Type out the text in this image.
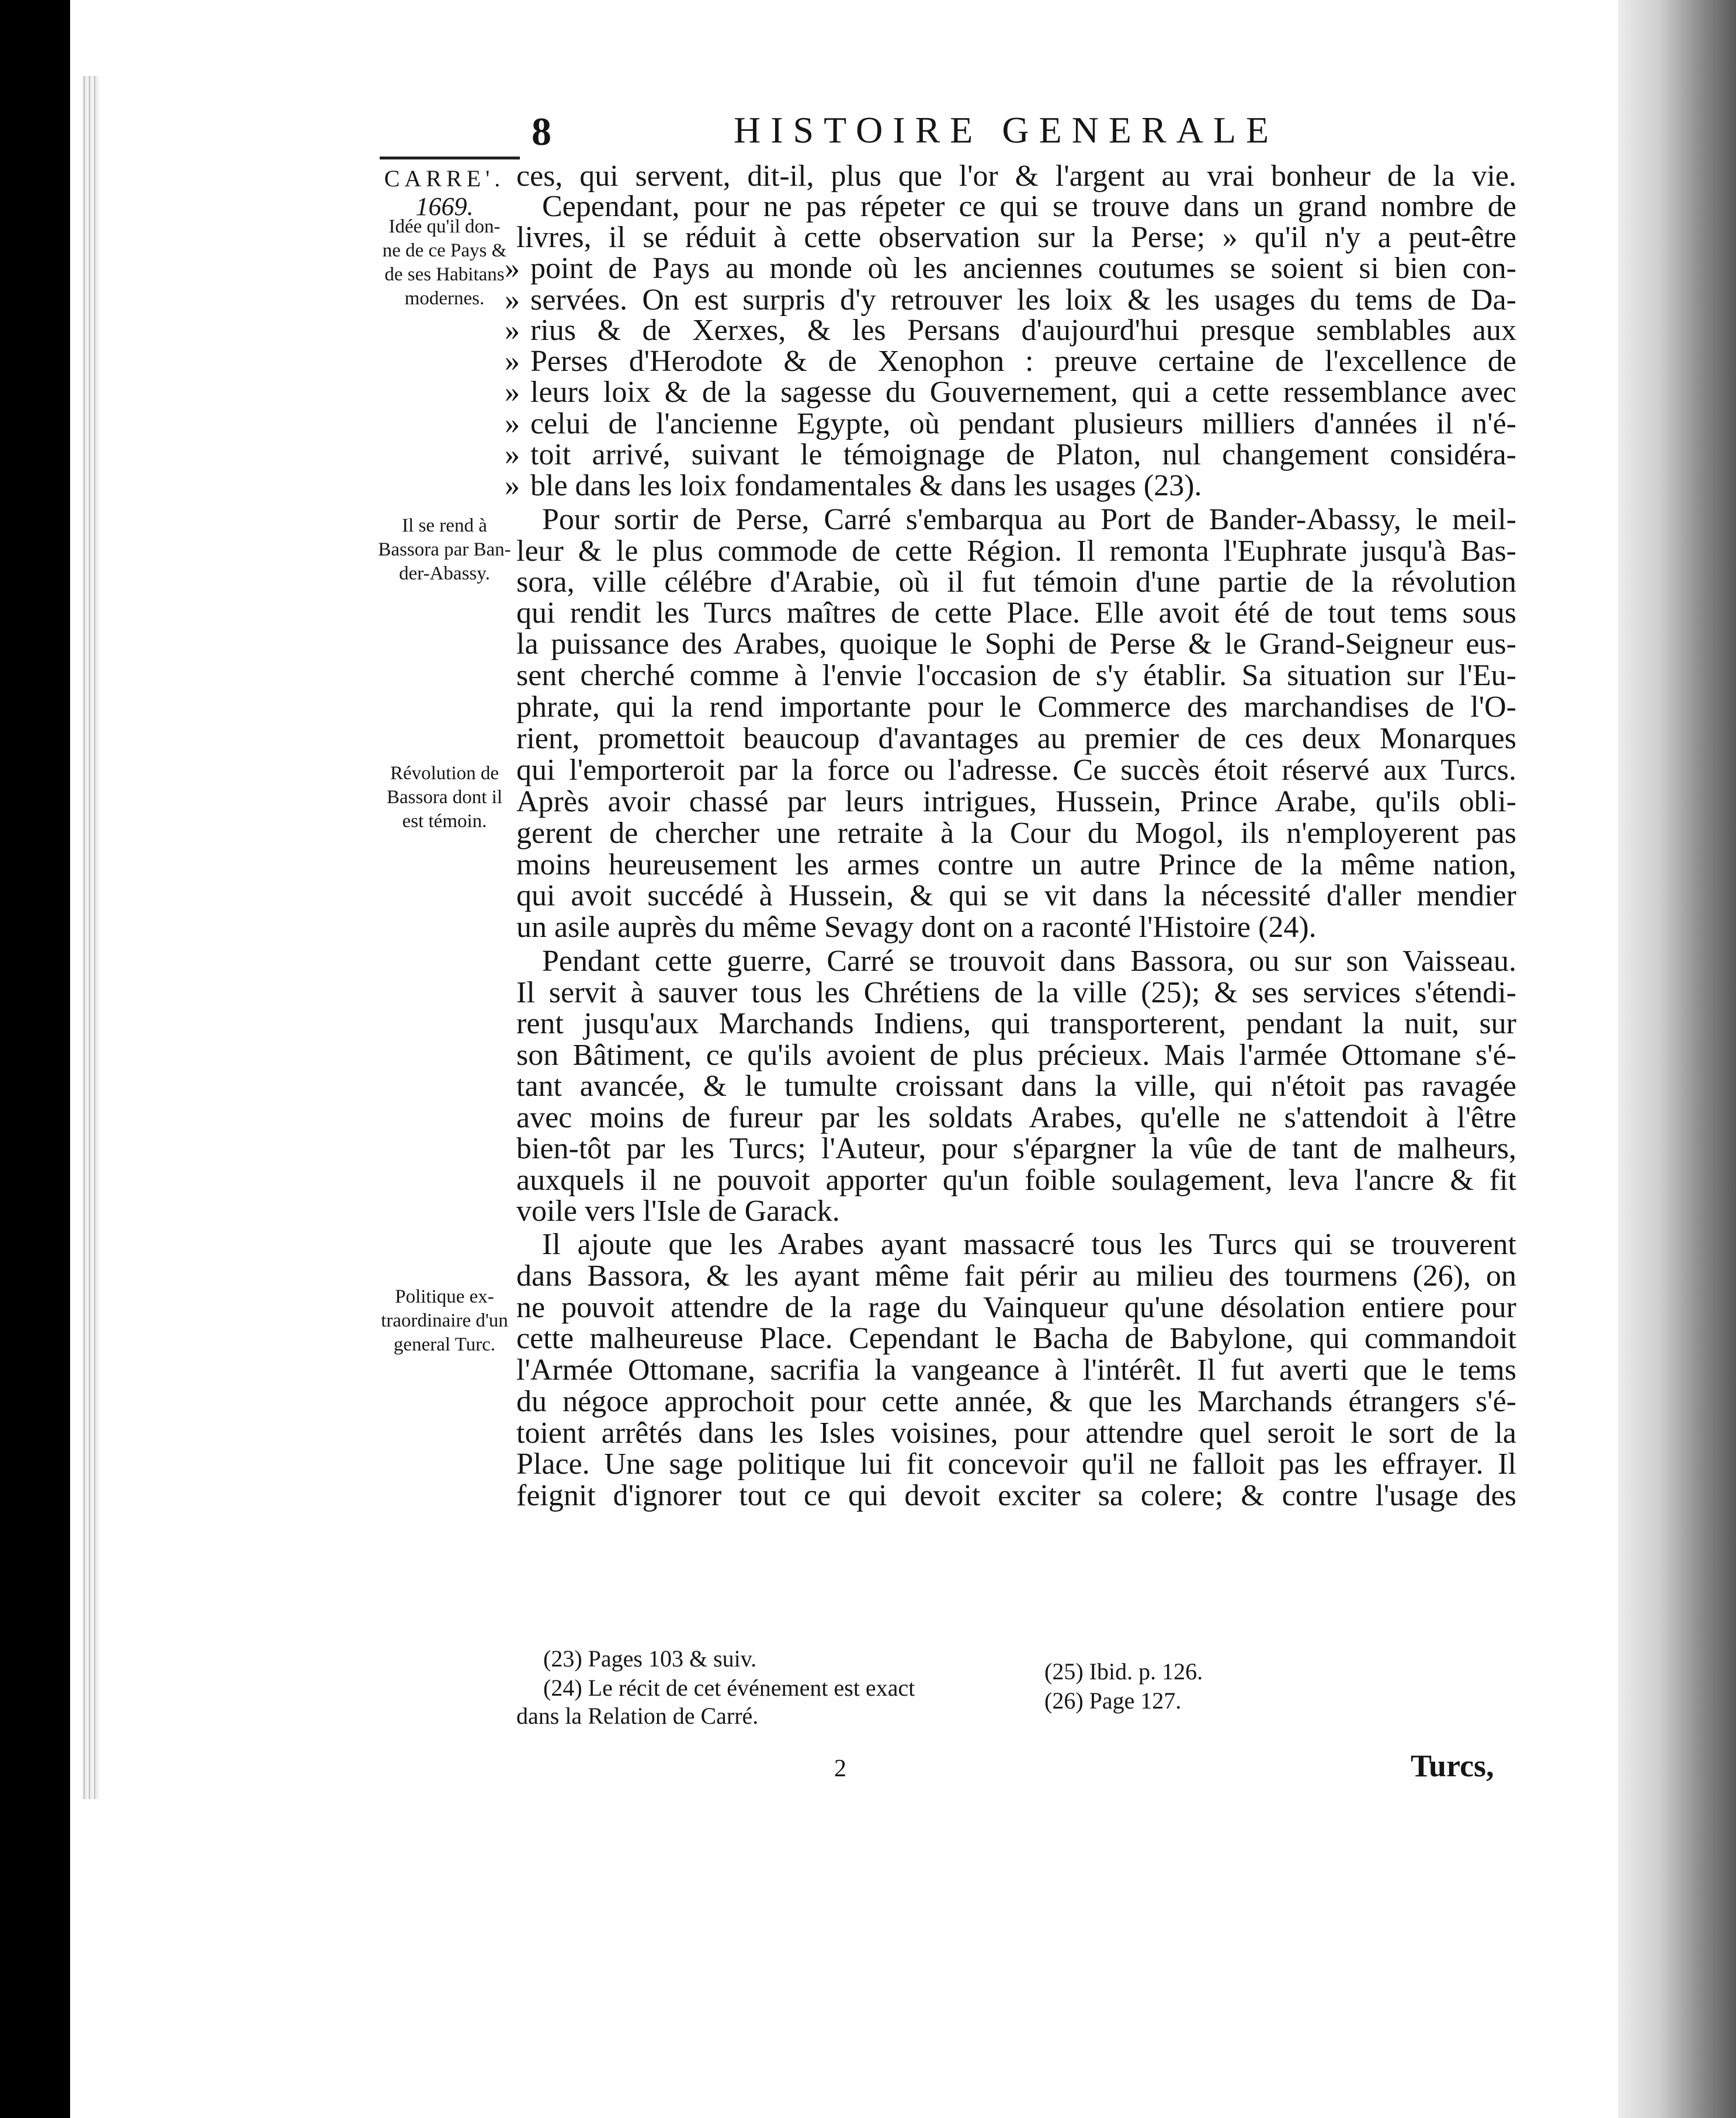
8	HISTOIRE GENERALE
CARRE'.
1669.
Idée qu'il don-
ne de ce Pays &
de ses Habitans
modernes.
Il se rend à
Bassora par Ban-
der-Abassy.
Révolution de
Bassora dont il
est témoin.
Politique ex-
traordinaire d'un
general Turc.
ces, qui servent, dit-il, plus que l'or & l'argent au vrai bonheur de la vie.
Cependant, pour ne pas répeter ce qui se trouve dans un grand nombre de
livres, il se réduit à cette observation sur la Perse; » qu'il n'y a peut-être
» point de Pays au monde où les anciennes coutumes se soient si bien con-
» servées. On est surpris d'y retrouver les loix & les usages du tems de Da-
» rius & de Xerxes, & les Persans d'aujourd'hui presque semblables aux
» Perses d'Herodote & de Xenophon : preuve certaine de l'excellence de
» leurs loix & de la sagesse du Gouvernement, qui a cette ressemblance avec
» celui de l'ancienne Egypte, où pendant plusieurs milliers d'années il n'é-
» toit arrivé, suivant le témoignage de Platon, nul changement considéra-
» ble dans les loix fondamentales & dans les usages (23).
Pour sortir de Perse, Carré s'embarqua au Port de Bander-Abassy, le meil-
leur & le plus commode de cette Région. Il remonta l'Euphrate jusqu'à Bas-
sora, ville célébre d'Arabie, où il fut témoin d'une partie de la révolution
qui rendit les Turcs maîtres de cette Place. Elle avoit été de tout tems sous
la puissance des Arabes, quoique le Sophi de Perse & le Grand-Seigneur eus-
sent cherché comme à l'envie l'occasion de s'y établir. Sa situation sur l'Eu-
phrate, qui la rend importante pour le Commerce des marchandises de l'O-
rient, promettoit beaucoup d'avantages au premier de ces deux Monarques
qui l'emporteroit par la force ou l'adresse. Ce succès étoit réservé aux Turcs.
Après avoir chassé par leurs intrigues, Hussein, Prince Arabe, qu'ils obli-
gerent de chercher une retraite à la Cour du Mogol, ils n'employerent pas
moins heureusement les armes contre un autre Prince de la même nation,
qui avoit succédé à Hussein, & qui se vit dans la nécessité d'aller mendier
un asile auprès du même Sevagy dont on a raconté l'Histoire (24).
Pendant cette guerre, Carré se trouvoit dans Bassora, ou sur son Vaisseau.
Il servit à sauver tous les Chrétiens de la ville (25); & ses services s'étendi-
rent jusqu'aux Marchands Indiens, qui transporterent, pendant la nuit, sur
son Bâtiment, ce qu'ils avoient de plus précieux. Mais l'armée Ottomane s'é-
tant avancée, & le tumulte croissant dans la ville, qui n'étoit pas ravagée
avec moins de fureur par les soldats Arabes, qu'elle ne s'attendoit à l'être
bien-tôt par les Turcs; l'Auteur, pour s'épargner la vûe de tant de malheurs,
auxquels il ne pouvoit apporter qu'un foible soulagement, leva l'ancre & fit
voile vers l'Isle de Garack.
Il ajoute que les Arabes ayant massacré tous les Turcs qui se trouverent
dans Bassora, & les ayant même fait périr au milieu des tourmens (26), on
ne pouvoit attendre de la rage du Vainqueur qu'une désolation entiere pour
cette malheureuse Place. Cependant le Bacha de Babylone, qui commandoit
l'Armée Ottomane, sacrifia la vangeance à l'intérêt. Il fut averti que le tems
du négoce approchoit pour cette année, & que les Marchands étrangers s'é-
toient arrêtés dans les Isles voisines, pour attendre quel seroit le sort de la
Place. Une sage politique lui fit concevoir qu'il ne falloit pas les effrayer. Il
feignit d'ignorer tout ce qui devoit exciter sa colere; & contre l'usage des
(23) Pages 103 & suiv.
(24) Le récit de cet événement est exact
dans la Relation de Carré.
(25) Ibid. p. 126.
(26) Page 127.
2	Turcs,
